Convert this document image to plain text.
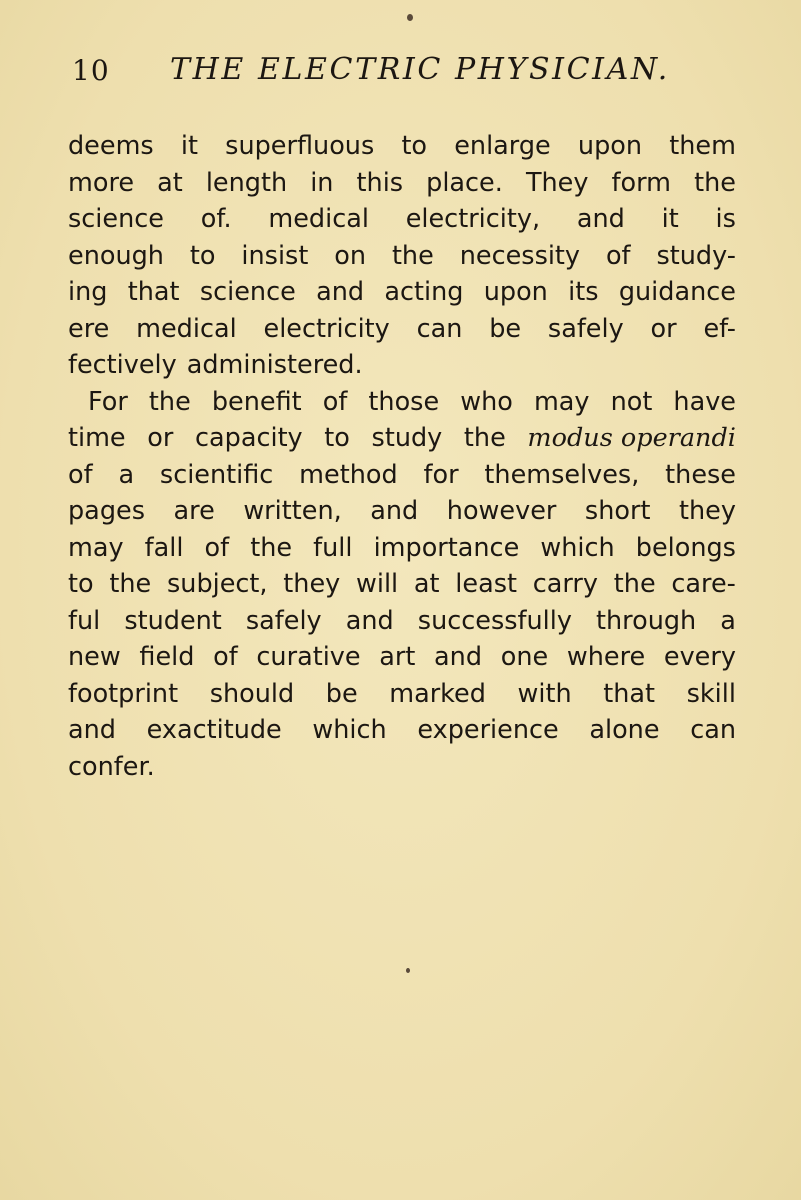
10 THE ELECTRIC PHYSICIAN.
deems it superfluous to enlarge upon them
more at length in this place. They form the
science of. medical electricity, and it is
enough to insist on the necessity of study-
ing that science and acting upon its guidance
ere medical electricity can be safely or ef-
fectively administered.
For the benefit of those who may not have
time or capacity to study the modus operandi
of a scientific method for themselves, these
pages are written, and however short they
may fall of the full importance which belongs
to the subject, they will at least carry the care-
ful student safely and successfully through a
new field of curative art and one where every
footprint should be marked with that skill
and exactitude which experience alone can
confer.
